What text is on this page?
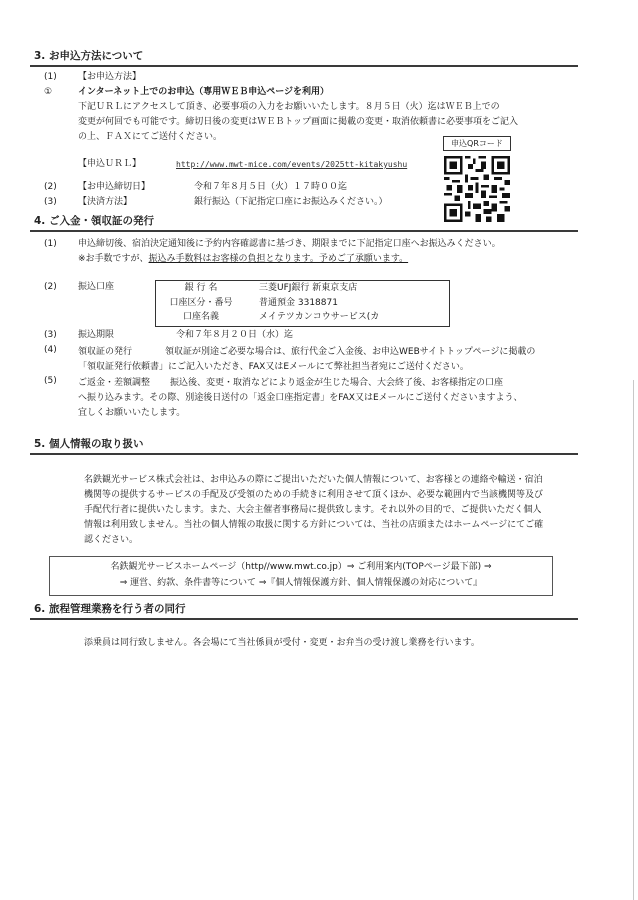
3. お申込方法について
(1) 【お申込方法】
①	インターネット上でのお申込（専用ＷＥＢ申込ページを利用）
下記ＵＲＬにアクセスして頂き、必要事項の入力をお願いいたします。８月５日（火）迄はＷＥＢ上での
変更が何回でも可能です。締切日後の変更はＷＥＢトップ画面に掲載の変更・取消依頼書に必要事項をご記入
の上、ＦＡＸにてご送付ください。
申込QRコード
【申込ＵＲＬ】	http://www.mwt-mice.com/events/2025tt-kitakyushu
(2) 【お申込締切日】	令和７年８月５日（火）１７時００迄
(3) 【決済方法】	銀行振込（下記指定口座にお振込みください。）
4. ご入金・領収証の発行
(1) 申込締切後、宿泊決定通知後に予約内容確認書に基づき、期限までに下記指定口座へお振込みください。
※お手数ですが、振込み手数料はお客様の負担となります。予めご了承願います。
(2) 振込口座	銀 行 名	三菱UFJ銀行 新東京支店
口座区分・番号	普通預金 3318871
口座名義	メイテツカンコウサービス(カ
(3) 振込期限	令和７年８月２０日（水）迄
(4) 領収証の発行	領収証が別途ご必要な場合は、旅行代金ご入金後、お申込WEBサイトトップページに掲載の
「領収証発行依頼書」にご記入いただき、FAX又はEメールにて弊社担当者宛にご送付ください。
(5) ご返金・差額調整 振込後、変更・取消などにより返金が生じた場合、大会終了後、お客様指定の口座
へ振り込みます。その際、別途後日送付の「返金口座指定書」をFAX又はEメールにご送付くださいますよう、
宜しくお願いいたします。
5. 個人情報の取り扱い
名鉄観光サービス株式会社は、お申込みの際にご提出いただいた個人情報について、お客様との連絡や輸送・宿泊
機関等の提供するサービスの手配及び受領のための手続きに利用させて頂くほか、必要な範囲内で当該機関等及び
手配代行者に提供いたします。また、大会主催者事務局に提供致します。それ以外の目的で、ご提供いただく個人
情報は利用致しません。当社の個人情報の取扱に関する方針については、当社の店頭またはホームページにてご確
認ください。
名鉄観光サービスホームページ（http//www.mwt.co.jp）⇒ ご利用案内(TOPページ最下部) ⇒
⇒ 運営、約款、条件書等について ⇒『個人情報保護方針、個人情報保護の対応について』
6. 旅程管理業務を行う者の同行
添乗員は同行致しません。各会場にて当社係員が受付・変更・お弁当の受け渡し業務を行います。
